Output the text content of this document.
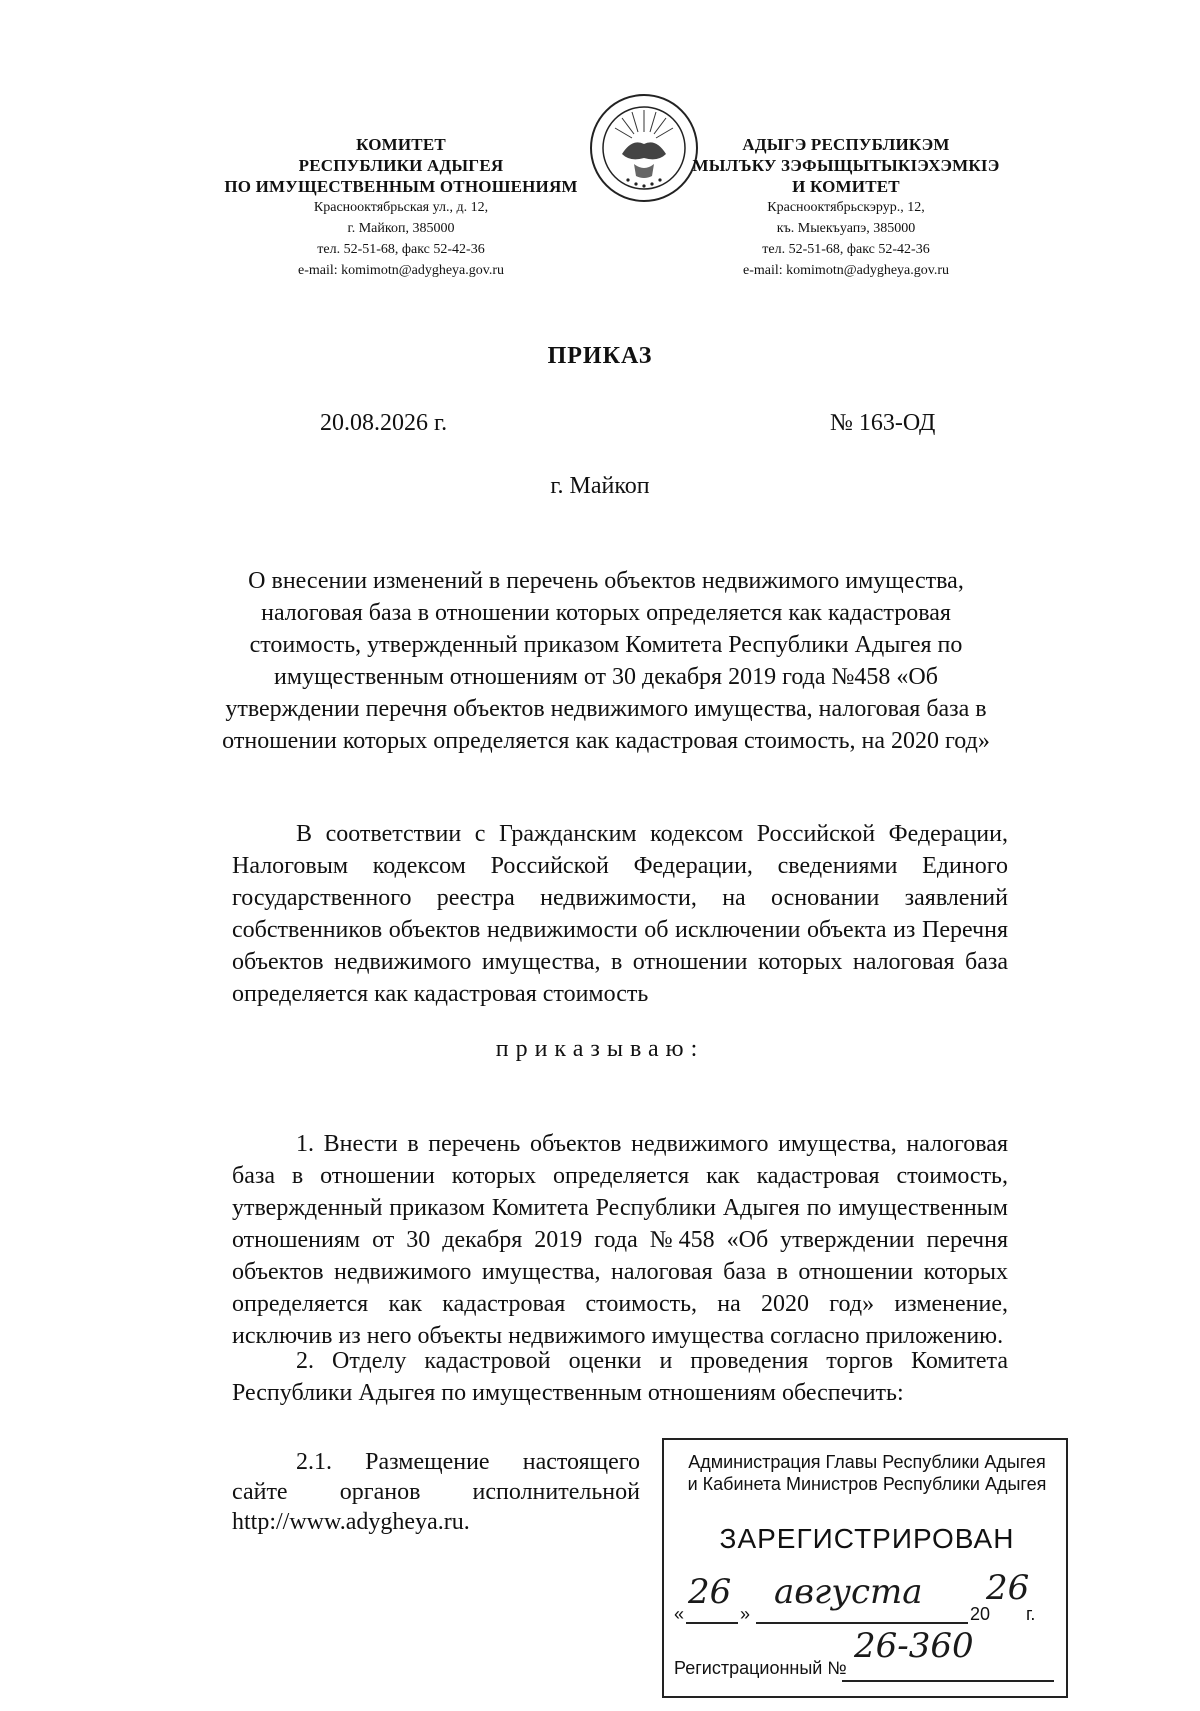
КОМИТЕТ
РЕСПУБЛИКИ АДЫГЕЯ
ПО ИМУЩЕСТВЕННЫМ ОТНОШЕНИЯМ
Краснооктябрьская ул., д. 12,
г. Майкоп, 385000
тел. 52-51-68, факс 52-42-36
e-mail: komimotn@adygheya.gov.ru
АДЫГЭ РЕСПУБЛИКЭМ
МЫЛЪКУ ЗЭФЫЩЫТЫКIЭХЭМКIЭ
И КОМИТЕТ
Краснооктябрьскэрур., 12,
къ. Мыекъуапэ, 385000
тел. 52-51-68, факс 52-42-36
e-mail: komimotn@adygheya.gov.ru
ПРИКАЗ
20.08.2026 г.	№ 163-ОД
г. Майкоп
О внесении изменений в перечень объектов недвижимого имущества, налоговая база в отношении которых определяется как кадастровая стоимость, утвержденный приказом Комитета Республики Адыгея по имущественным отношениям от 30 декабря 2019 года №458 «Об утверждении перечня объектов недвижимого имущества, налоговая база в отношении которых определяется как кадастровая стоимость, на 2020 год»
В соответствии с Гражданским кодексом Российской Федерации, Налоговым кодексом Российской Федерации, сведениями Единого государственного реестра недвижимости, на основании заявлений собственников объектов недвижимости об исключении объекта из Перечня объектов недвижимого имущества, в отношении которых налоговая база определяется как кадастровая стоимость
приказываю:
1. Внести в перечень объектов недвижимого имущества, налоговая база в отношении которых определяется как кадастровая стоимость, утвержденный приказом Комитета Республики Адыгея по имущественным отношениям от 30 декабря 2019 года №458 «Об утверждении перечня объектов недвижимого имущества, налоговая база в отношении которых определяется как кадастровая стоимость, на 2020 год» изменение, исключив из него объекты недвижимого имущества согласно приложению.
2. Отделу кадастровой оценки и проведения торгов Комитета Республики Адыгея по имущественным отношениям обеспечить:
2.1. Размещение настоящего сайте органов исполнительной http://www.adygheya.ru.
Администрация Главы Республики Адыгея
и Кабинета Министров Республики Адыгея
ЗАРЕГИСТРИРОВАН
«
26
»
августа
20
26
г.
Регистрационный №
26-360
